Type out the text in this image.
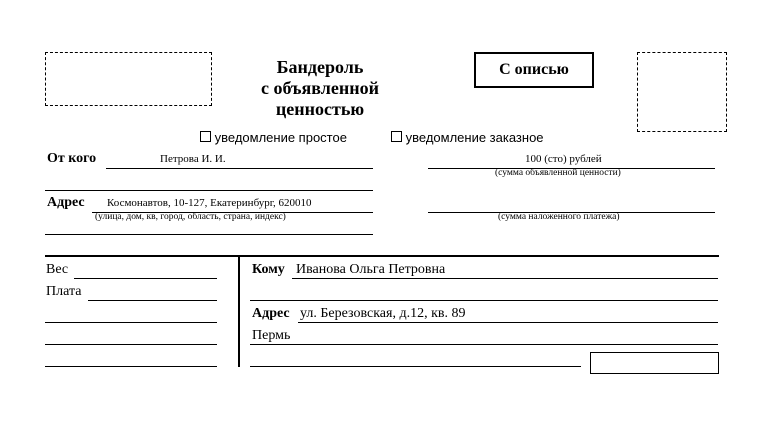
Бандероль
с объявленной
ценностью
С описью
уведомление простое	уведомление заказное
От кого	Петрова И. И.
Адрес Космонавтов, 10-127, Екатеринбург, 620010
(улица, дом, кв, город, область, страна, индекс)
100 (сто) рублей
(сумма объявленной ценности)
(сумма наложенного платежа)
Вес
Плата
Кому Иванова Ольга Петровна
Адрес ул. Березовская, д.12, кв. 89
Пермь
